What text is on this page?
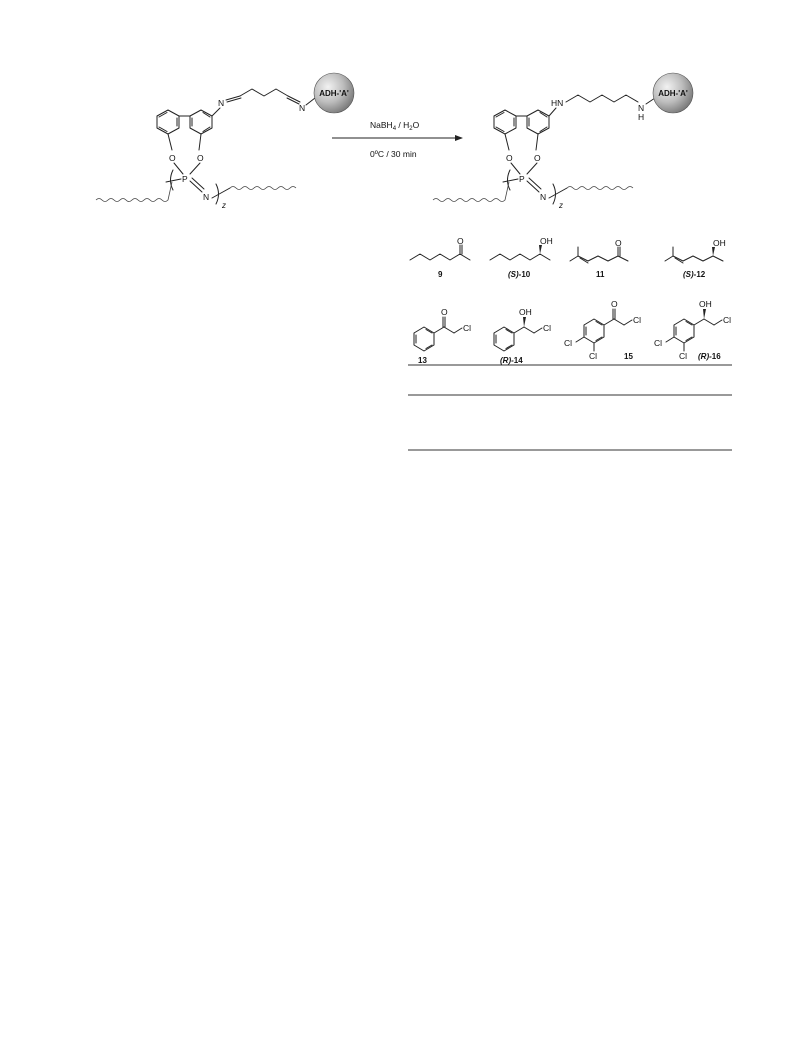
O	O
P
N
z
N	N
ADH-'A'
NaBH$_4$ / $H_2O$
0ºC / 30 min	O	O
P
N
z
HN	N
H
ADH-'A'
O
9
OH
(S)-10
O
11
OH
(S)-12
O
Cl
13
OH
Cl
(R)-14
O
Cl
Cl
Cl	15
OH
Cl
Cl
Cl (R)-16
